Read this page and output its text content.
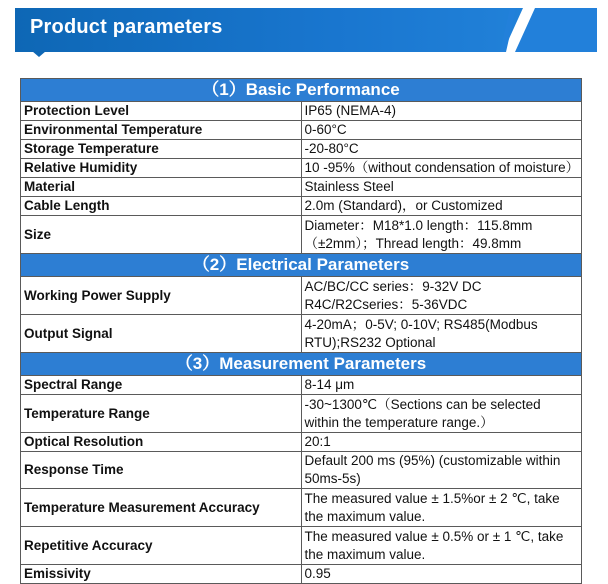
Product parameters
（1）Basic Performance	
Protection Level	IP65 (NEMA-4)
Environmental Temperature	0-60°C
Storage Temperature	-20-80°C
Relative Humidity	10 -95%（without condensation of moisture）
Material	Stainless Steel
Cable Length	2.0m (Standard)，or Customized
Size	Diameter：M18*1.0 length：115.8mm（±2mm）；Thread length：49.8mm
（2）Electrical Parameters	
Working Power Supply	AC/BC/CC series：9-32V DC R4C/R2Cseries：5-36VDC
Output Signal	4-20mA；0-5V; 0-10V; RS485(Modbus RTU);RS232 Optional
（3）Measurement Parameters	
Spectral Range	8-14 μm
Temperature Range	-30~1300℃（Sections can be selected within the temperature range.）
Optical Resolution	20:1
Response Time	Default 200 ms (95%) (customizable within 50ms-5s)
Temperature Measurement Accuracy	The measured value ± 1.5%or ± 2 ℃, take the maximum value.
Repetitive Accuracy	The measured value ± 0.5% or ± 1 ℃, take the maximum value.
Emissivity	0.95
